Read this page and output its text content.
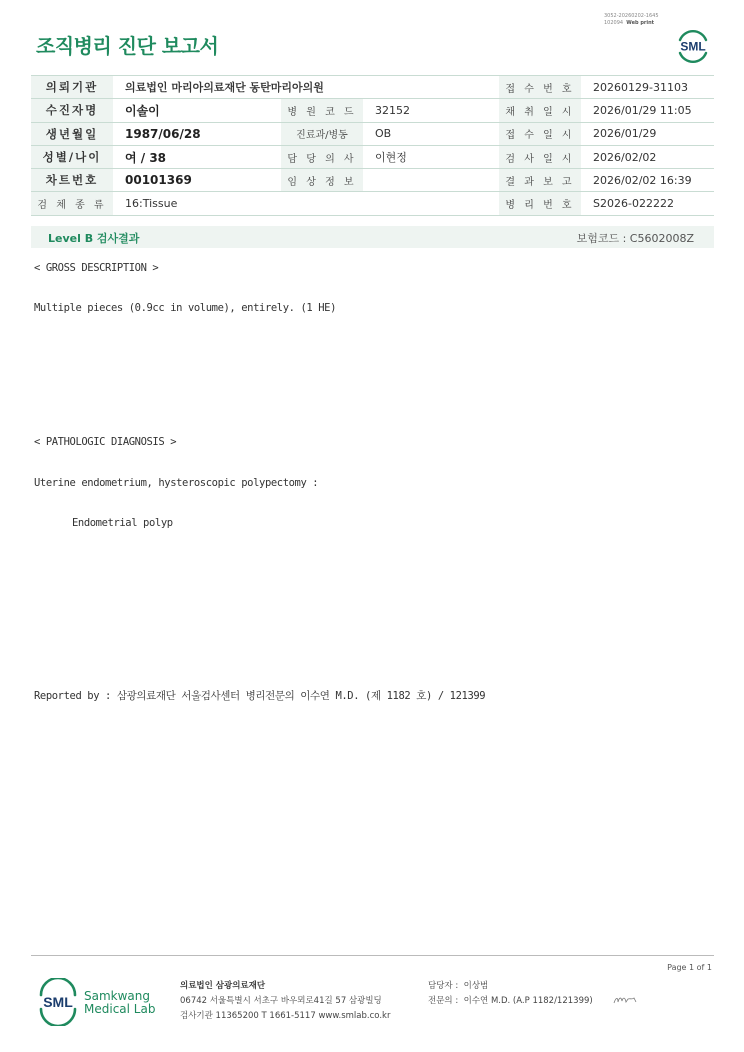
조직병리 진단 보고서
3052-20260202-1645
102094 Web print
SML
의뢰기관	의료법인 마리아의료재단 동탄마리아의원			접 수 번 호	20260129-31103
수진자명	이솔이	병 원 코 드	32152	채 취 일 시	2026/01/29 11:05
생년월일	1987/06/28	진료과/병동	OB	접 수 일 시	2026/01/29
성별/나이	여 / 38	담 당 의 사	이현정	검 사 일 시	2026/02/02
차트번호	00101369	임 상 정 보		결 과 보 고	2026/02/02 16:39
검 체 종 류	16:Tissue			병 리 번 호	S2026-022222
Level B 검사결과	보험코드 : C5602008Z
< GROSS DESCRIPTION >
Multiple pieces (0.9cc in volume), entirely. (1 HE)
< PATHOLOGIC DIAGNOSIS >
Uterine endometrium, hysteroscopic polypectomy :
Endometrial polyp
Reported by : 삼광의료재단 서울검사센터 병리전문의 이수연 M.D. (제 1182 호) / 121399
Page 1 of 1
SML Samkwang
Medical Lab
의료법인 삼광의료재단
06742 서울특별시 서초구 바우뫼로41길 57 삼광빌딩
검사기관 11365200 T 1661-5117 www.smlab.co.kr
담당자 : 이상범
전문의 : 이수연 M.D. (A.P 1182/121399)
